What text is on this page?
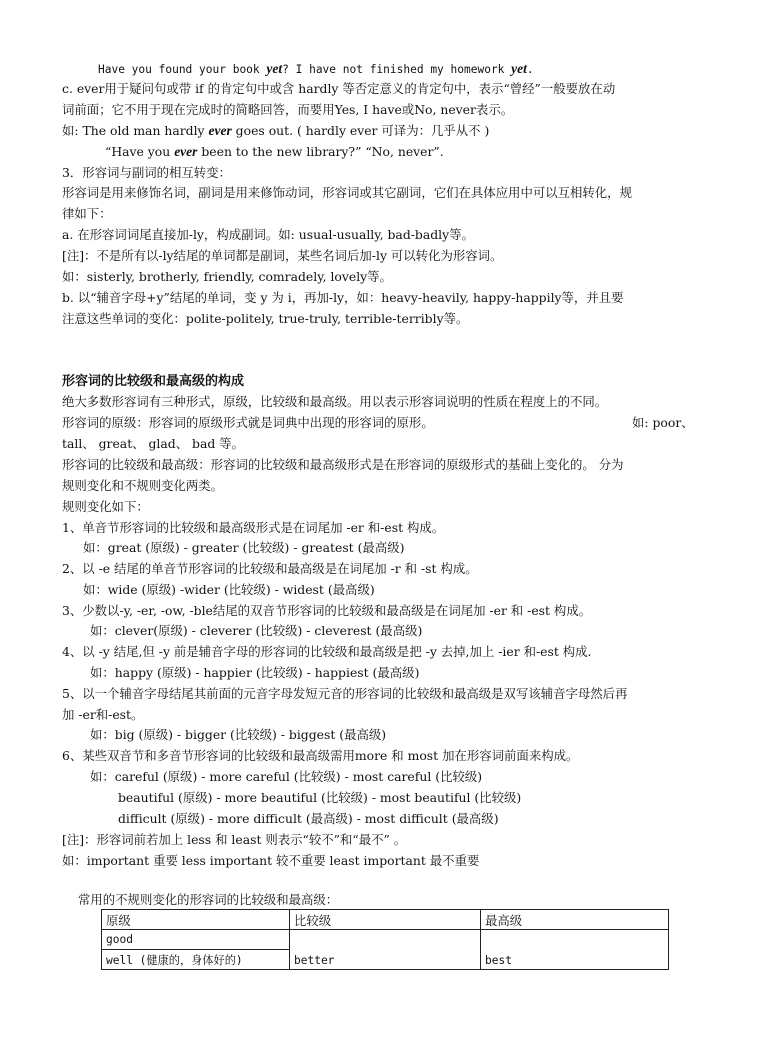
Have you found your book yet? I have not finished my homework yet.
c. ever用于疑问句或带 if 的肯定句中或含 hardly 等否定意义的肯定句中，表示“曾经”一般要放在动
词前面；它不用于现在完成时的简略回答，而要用Yes, I have或No, never表示。
如: The old man hardly ever goes out. ( hardly ever 可译为：几乎从不 )
“Have you ever been to the new library?” “No, never”.
3．形容词与副词的相互转变：
形容词是用来修饰名词，副词是用来修饰动词，形容词或其它副词，它们在具体应用中可以互相转化，规
律如下：
a. 在形容词词尾直接加-ly，构成副词。如: usual-usually, bad-badly等。
[注]：不是所有以-ly结尾的单词都是副词，某些名词后加-ly 可以转化为形容词。
如：sisterly, brotherly, friendly, comradely, lovely等。
b. 以“辅音字母+y”结尾的单词，变 y 为 i，再加-ly，如：heavy-heavily, happy-happily等，并且要
注意这些单词的变化：polite-politely, true-truly, terrible-terribly等。
形容词的比较级和最高级的构成
绝大多数形容词有三种形式，原级，比较级和最高级。用以表示形容词说明的性质在程度上的不同。
形容词的原级：形容词的原级形式就是词典中出现的形容词的原形。	如: poor、
tall、 great、 glad、 bad 等。
形容词的比较级和最高级：形容词的比较级和最高级形式是在形容词的原级形式的基础上变化的。 分为
规则变化和不规则变化两类。
规则变化如下：
1、单音节形容词的比较级和最高级形式是在词尾加 -er 和-est 构成。
如：great (原级) - greater (比较级) - greatest (最高级)
2、以 -e 结尾的单音节形容词的比较级和最高级是在词尾加 -r 和 -st 构成。
如：wide (原级) -wider (比较级) - widest (最高级)
3、少数以-y, -er, -ow, -ble结尾的双音节形容词的比较级和最高级是在词尾加 -er 和 -est 构成。
如：clever(原级) - cleverer (比较级) - cleverest (最高级)
4、以 -y 结尾,但 -y 前是辅音字母的形容词的比较级和最高级是把 -y 去掉,加上 -ier 和-est 构成.
如：happy (原级) - happier (比较级) - happiest (最高级)
5、以一个辅音字母结尾其前面的元音字母发短元音的形容词的比较级和最高级是双写该辅音字母然后再
加 -er和-est。
如：big (原级) - bigger (比较级) - biggest (最高级)
6、某些双音节和多音节形容词的比较级和最高级需用more 和 most 加在形容词前面来构成。
如：careful (原级) - more careful (比较级) - most careful (比较级)
beautiful (原级) - more beautiful (比较级) - most beautiful (比较级)
difficult (原级) - more difficult (最高级) - most difficult (最高级)
[注]：形容词前若加上 less 和 least 则表示“较不”和“最不” 。
如：important 重要 less important 较不重要 least important 最不重要
常用的不规则变化的形容词的比较级和最高级：
原级	比较级	最高级
good	better	best
well (健康的，身体好的)		
